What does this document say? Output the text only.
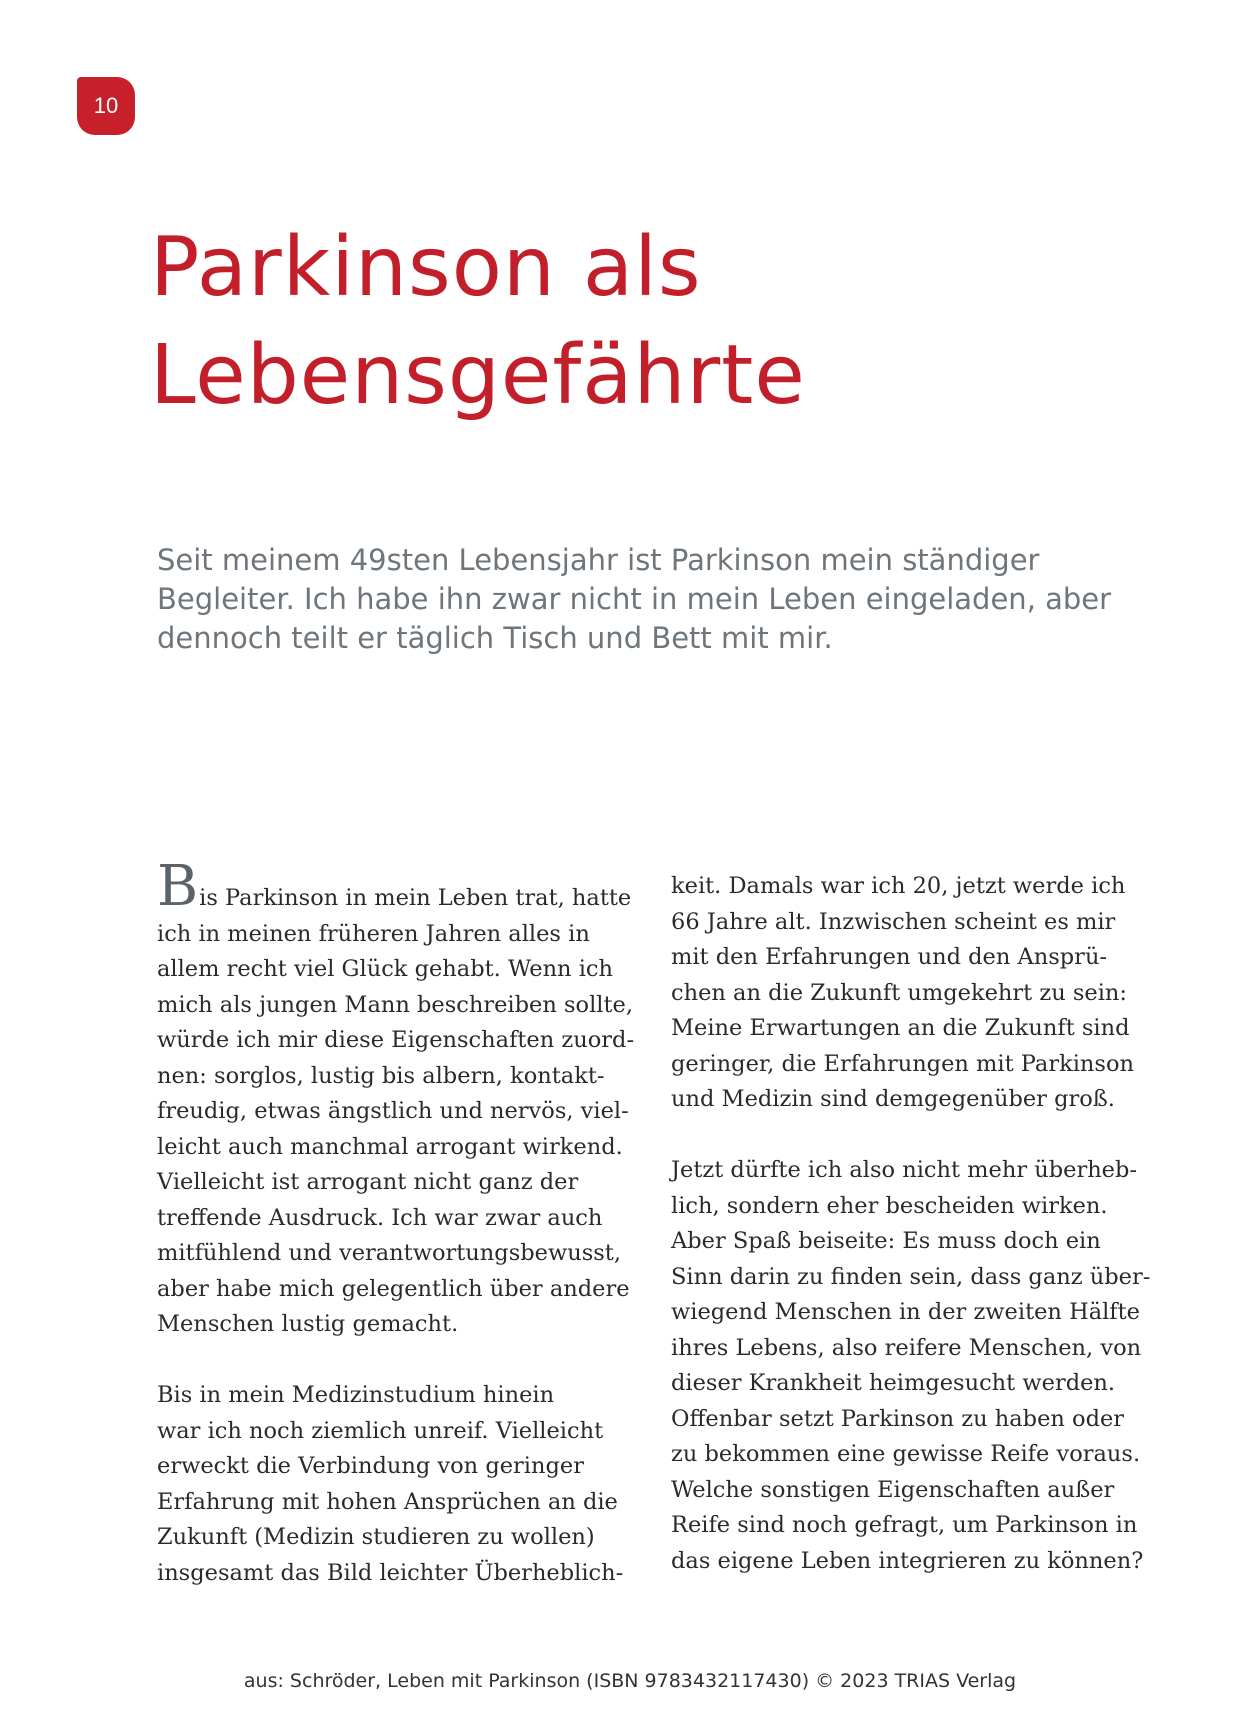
10
Parkinson als
Lebensgefährte

Seit meinem 49sten Lebensjahr ist Parkinson mein ständiger
Begleiter. Ich habe ihn zwar nicht in mein Leben eingeladen, aber
dennoch teilt er täglich Tisch und Bett mit mir.

Bis Parkinson in mein Leben trat, hatte
ich in meinen früheren Jahren alles in
allem recht viel Glück gehabt. Wenn ich
mich als jungen Mann beschreiben sollte,
würde ich mir diese Eigenschaften zuord-
nen: sorglos, lustig bis albern, kontakt-
freudig, etwas ängstlich und nervös, viel-
leicht auch manchmal arrogant wirkend.
Vielleicht ist arrogant nicht ganz der
treffende Ausdruck. Ich war zwar auch
mitfühlend und verantwortungsbewusst,
aber habe mich gelegentlich über andere
Menschen lustig gemacht.

Bis in mein Medizinstudium hinein
war ich noch ziemlich unreif. Vielleicht
erweckt die Verbindung von geringer
Erfahrung mit hohen Ansprüchen an die
Zukunft (Medizin studieren zu wollen)
insgesamt das Bild leichter Überheblich-

keit. Damals war ich 20, jetzt werde ich
66 Jahre alt. Inzwischen scheint es mir
mit den Erfahrungen und den Ansprü-
chen an die Zukunft umgekehrt zu sein:
Meine Erwartungen an die Zukunft sind
geringer, die Erfahrungen mit Parkinson
und Medizin sind demgegenüber groß.

Jetzt dürfte ich also nicht mehr überheb-
lich, sondern eher bescheiden wirken.
Aber Spaß beiseite: Es muss doch ein
Sinn darin zu finden sein, dass ganz über-
wiegend Menschen in der zweiten Hälfte
ihres Lebens, also reifere Menschen, von
dieser Krankheit heimgesucht werden.
Offenbar setzt Parkinson zu haben oder
zu bekommen eine gewisse Reife voraus.
Welche sonstigen Eigenschaften außer
Reife sind noch gefragt, um Parkinson in
das eigene Leben integrieren zu können?

aus: Schröder, Leben mit Parkinson (ISBN 9783432117430) © 2023 TRIAS Verlag
